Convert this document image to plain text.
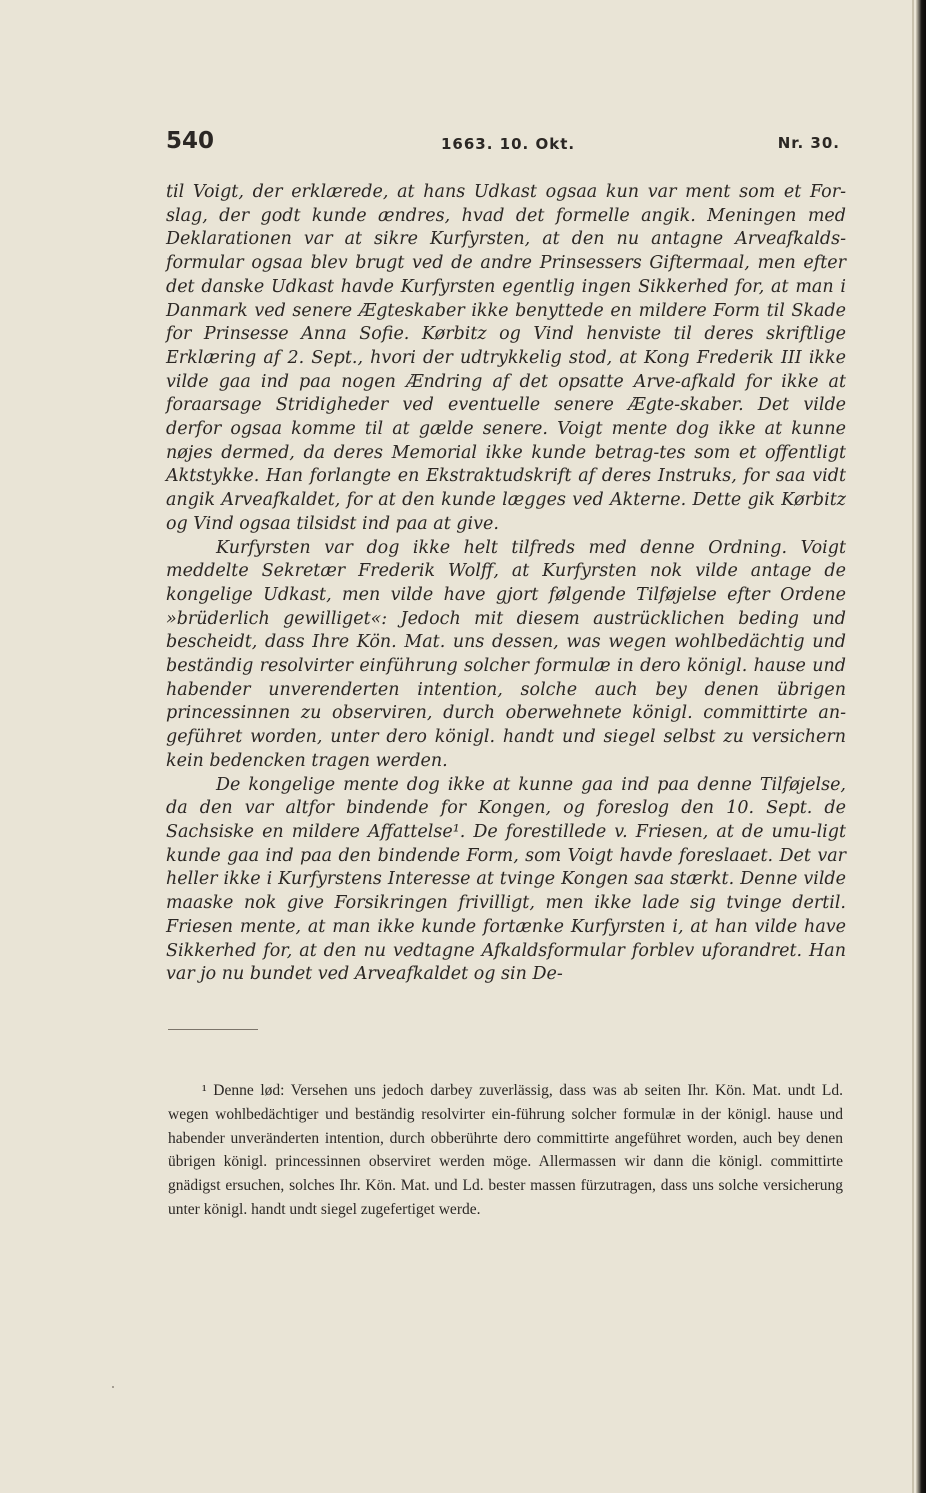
540	1663. 10. Okt.	Nr. 30.

til Voigt, der erklærede, at hans Udkast ogsaa kun var ment som et For-slag, der godt kunde ændres, hvad det formelle angik. Meningen med Deklarationen var at sikre Kurfyrsten, at den nu antagne Arveafkalds-formular ogsaa blev brugt ved de andre Prinsessers Giftermaal, men efter det danske Udkast havde Kurfyrsten egentlig ingen Sikkerhed for, at man i Danmark ved senere Ægteskaber ikke benyttede en mildere Form til Skade for Prinsesse Anna Sofie. Kørbitz og Vind henviste til deres skriftlige Erklæring af 2. Sept., hvori der udtrykkelig stod, at Kong Frederik III ikke vilde gaa ind paa nogen Ændring af det opsatte Arve-afkald for ikke at foraarsage Stridigheder ved eventuelle senere Ægte-skaber. Det vilde derfor ogsaa komme til at gælde senere. Voigt mente dog ikke at kunne nøjes dermed, da deres Memorial ikke kunde betrag-tes som et offentligt Aktstykke. Han forlangte en Ekstraktudskrift af deres Instruks, for saa vidt angik Arveafkaldet, for at den kunde lægges ved Akterne. Dette gik Kørbitz og Vind ogsaa tilsidst ind paa at give.

Kurfyrsten var dog ikke helt tilfreds med denne Ordning. Voigt meddelte Sekretær Frederik Wolff, at Kurfyrsten nok vilde antage de kongelige Udkast, men vilde have gjort følgende Tilføjelse efter Ordene »brüderlich gewilliget«: Jedoch mit diesem austrücklichen beding und bescheidt, dass Ihre Kön. Mat. uns dessen, was wegen wohlbedächtig und beständig resolvirter einführung solcher formulæ in dero königl. hause und habender unverenderten intention, solche auch bey denen übrigen princessinnen zu observiren, durch oberwehnete königl. committirte an-geführet worden, unter dero königl. handt und siegel selbst zu versichern kein bedencken tragen werden.

De kongelige mente dog ikke at kunne gaa ind paa denne Tilføjelse, da den var altfor bindende for Kongen, og foreslog den 10. Sept. de Sachsiske en mildere Affattelse¹. De forestillede v. Friesen, at de umu-ligt kunde gaa ind paa den bindende Form, som Voigt havde foreslaaet. Det var heller ikke i Kurfyrstens Interesse at tvinge Kongen saa stærkt. Denne vilde maaske nok give Forsikringen frivilligt, men ikke lade sig tvinge dertil. Friesen mente, at man ikke kunde fortænke Kurfyrsten i, at han vilde have Sikkerhed for, at den nu vedtagne Afkaldsformular forblev uforandret. Han var jo nu bundet ved Arveafkaldet og sin De-

¹ Denne lød: Versehen uns jedoch darbey zuverlässig, dass was ab seiten Ihr. Kön. Mat. undt Ld. wegen wohlbedächtiger und beständig resolvirter ein-führung solcher formulæ in der königl. hause und habender unveränderten intention, durch obberührte dero committirte angeführet worden, auch bey denen übrigen königl. princessinnen observiret werden möge. Allermassen wir dann die königl. committirte gnädigst ersuchen, solches Ihr. Kön. Mat. und Ld. bester massen fürzutragen, dass uns solche versicherung unter königl. handt undt siegel zugefertiget werde.
